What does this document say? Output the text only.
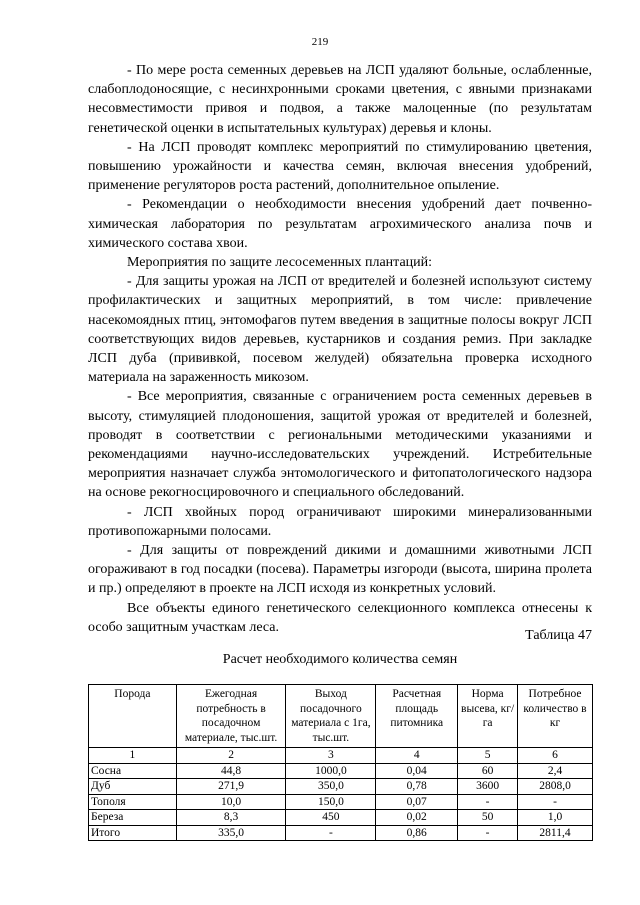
219

- По мере роста семенных деревьев на ЛСП удаляют больные, ослабленные, слабоплодоносящие, с несинхронными сроками цветения, с явными признаками несовместимости привоя и подвоя, а также малоценные (по результатам генетической оценки в испытательных культурах) деревья и клоны.

- На ЛСП проводят комплекс мероприятий по стимулированию цветения, повышению урожайности и качества семян, включая внесения удобрений, применение регуляторов роста растений, дополнительное опыление.

- Рекомендации о необходимости внесения удобрений дает почвенно-химическая лаборатория по результатам агрохимического анализа почв и химического состава хвои.

Мероприятия по защите лесосеменных плантаций:

- Для защиты урожая на ЛСП от вредителей и болезней используют систему профилактических и защитных мероприятий, в том числе: привлечение насекомоядных птиц, энтомофагов путем введения в защитные полосы вокруг ЛСП соответствующих видов деревьев, кустарников и создания ремиз. При закладке ЛСП дуба (прививкой, посевом желудей) обязательна проверка исходного материала на зараженность микозом.

- Все мероприятия, связанные с ограничением роста семенных деревьев в высоту, стимуляцией плодоношения, защитой урожая от вредителей и болезней, проводят в соответствии с региональными методическими указаниями и рекомендациями научно-исследовательских учреждений. Истребительные мероприятия назначает служба энтомологического и фитопатологического надзора на основе рекогносцировочного и специального обследований.

- ЛСП хвойных пород ограничивают широкими минерализованными противопожарными полосами.

- Для защиты от повреждений дикими и домашними животными ЛСП огораживают в год посадки (посева). Параметры изгороди (высота, ширина пролета и пр.) определяют в проекте на ЛСП исходя из конкретных условий.

Все объекты единого генетического селекционного комплекса отнесены к особо защитным участкам леса.

Таблица 47
Расчет необходимого количества семян
Порода	Ежегодная потребность в посадочном материале, тыс.шт.	Выход посадочного материала с 1га, тыс.шт.	Расчетная площадь питомника	Норма высева, кг/га	Потребное количество в кг
1	2	3	4	5	6
Сосна	44,8	1000,0	0,04	60	2,4
Дуб	271,9	350,0	0,78	3600	2808,0
Тополя	10,0	150,0	0,07	-	-
Береза	8,3	450	0,02	50	1,0
Итого	335,0	-	0,86	-	2811,4
